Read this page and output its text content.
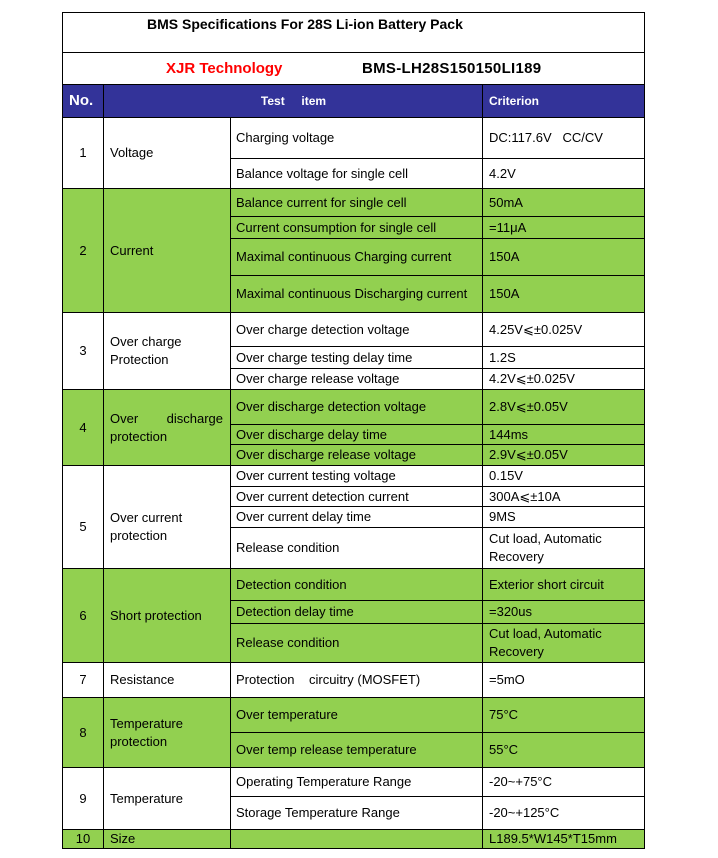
BMS Specifications For 28S Li-ion Battery Pack			
XJR Technology BMS-LH28S150150LI189			
No.	Test     item		Criterion
1	Voltage	Charging voltage	DC:117.6V   CC/CV
		Balance voltage for single cell	4.2V
2	Current	Balance current for single cell	50mA
		Current consumption for single cell	=11μA
		Maximal continuous Charging current	150A
		Maximal continuous Discharging current	150A
3	Over charge Protection	Over charge detection voltage	4.25V⩽±0.025V
		Over charge testing delay time	1.2S
		Over charge release voltage	4.2V⩽±0.025V
4	Over discharge protection	Over discharge detection voltage	2.8V⩽±0.05V
		Over discharge delay time	144ms
		Over discharge release voltage	2.9V⩽±0.05V
5	Over current protection	Over current testing voltage	0.15V
		Over current detection current	300A⩽±10A
		Over current delay time	9MS
		Release condition	Cut load, Automatic Recovery
6	Short protection	Detection condition	Exterior short circuit
		Detection delay time	=320us
		Release condition	Cut load, Automatic Recovery
7	Resistance	Protection    circuitry (MOSFET)	=5mO
8	Temperature protection	Over temperature	75°C
		Over temp release temperature	55°C
9	Temperature	Operating Temperature Range	-20~+75°C
		Storage Temperature Range	-20~+125°C
10	Size		L189.5*W145*T15mm
